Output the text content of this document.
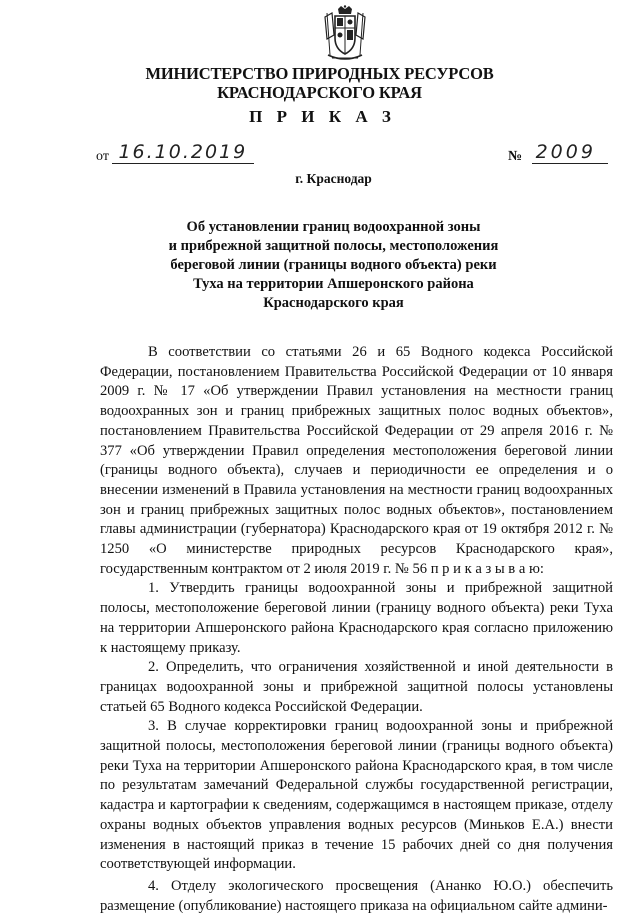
МИНИСТЕРСТВО ПРИРОДНЫХ РЕСУРСОВ
КРАСНОДАРСКОГО КРАЯ
П Р И К А З
от 16.10.2019	№ 2009
г. Краснодар
Об установлении границ водоохранной зоны
и прибрежной защитной полосы, местоположения
береговой линии (границы водного объекта) реки
Туха на территории Апшеронского района
Краснодарского края

В соответствии со статьями 26 и 65 Водного кодекса Российской Федерации, постановлением Правительства Российской Федерации от 10 января 2009 г. № 17 «Об утверждении Правил установления на местности границ водоохранных зон и границ прибрежных защитных полос водных объектов», постановлением Правительства Российской Федерации от 29 апреля 2016 г. № 377 «Об утверждении Правил определения местоположения береговой линии (границы водного объекта), случаев и периодичности ее определения и о внесении изменений в Правила установления на местности границ водоохранных зон и границ прибрежных защитных полос водных объектов», постановлением главы администрации (губернатора) Краснодарского края от 19 октября 2012 г. № 1250 «О министерстве природных ресурсов Краснодарского края», государственным контрактом от 2 июля 2019 г. № 56 п р и к а з ы в а ю:

1. Утвердить границы водоохранной зоны и прибрежной защитной полосы, местоположение береговой линии (границу водного объекта) реки Туха на территории Апшеронского района Краснодарского края согласно приложению к настоящему приказу.

2. Определить, что ограничения хозяйственной и иной деятельности в границах водоохранной зоны и прибрежной защитной полосы установлены статьей 65 Водного кодекса Российской Федерации.

3. В случае корректировки границ водоохранной зоны и прибрежной защитной полосы, местоположения береговой линии (границы водного объекта) реки Туха на территории Апшеронского района Краснодарского края, в том числе по результатам замечаний Федеральной службы государственной регистрации, кадастра и картографии к сведениям, содержащимся в настоящем приказе, отделу охраны водных объектов управления водных ресурсов (Миньков Е.А.) внести изменения в настоящий приказ в течение 15 рабочих дней со дня получения соответствующей информации.

4. Отделу экологического просвещения (Ананко Ю.О.) обеспечить размещение (опубликование) настоящего приказа на официальном сайте админи-
